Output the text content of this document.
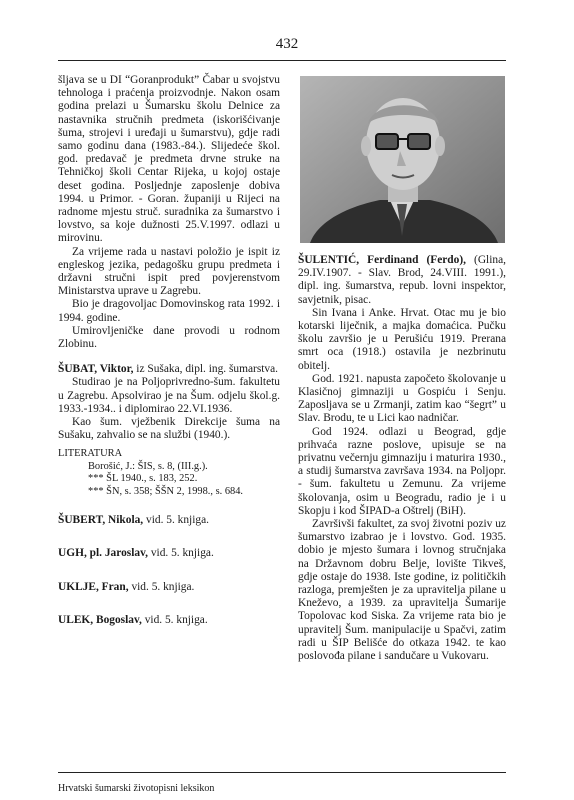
432

šljava se u DI “Goranprodukt” Čabar u svojstvu tehnologa i praćenja proizvodnje. Nakon osam godina prelazi u Šumarsku školu Delnice za nastavnika stručnih predmeta (iskorišćivanje šuma, strojevi i uređaji u šumarstvu), gdje radi samo godinu dana (1983.-84.). Slijedeće škol. god. predavač je predmeta drvne struke na Tehničkoj školi Centar Rijeka, u kojoj ostaje deset godina. Posljednje zaposlenje dobiva 1994. u Primor. - Goran. županiji u Rijeci na radnome mjestu struč. suradnika za šumarstvo i lovstvo, sa koje dužnosti 25.V.1997. odlazi u mirovinu.

Za vrijeme rada u nastavi položio je ispit iz engleskog jezika, pedagošku grupu predmeta i državni stručni ispit pred povjerenstvom Ministarstva uprave u Zagrebu.

Bio je dragovoljac Domovinskog rata 1992. i 1994. godine.

Umirovljeničke dane provodi u rodnom Zlobinu.

ŠUBAT, Viktor, iz Sušaka, dipl. ing. šumarstva.

Studirao je na Poljoprivredno-šum. fakultetu u Zagrebu. Apsolvirao je na Šum. odjelu škol.g. 1933.-1934.. i diplomirao 22.VI.1936.

Kao šum. vježbenik Direkcije šuma na Sušaku, zahvalio se na službi (1940.).

LITERATURA
Borošić, J.: ŠIS, s. 8, (III.g.).
*** ŠL 1940., s. 183, 252.
*** ŠN, s. 358; ŠŠN 2, 1998., s. 684.

ŠUBERT, Nikola, vid. 5. knjiga.

UGH, pl. Jaroslav, vid. 5. knjiga.

UKLJE, Fran, vid. 5. knjiga.

ULEK, Bogoslav, vid. 5. knjiga.

ŠULENTIĆ, Ferdinand (Ferdo), (Glina, 29.IV.1907. - Slav. Brod, 24.VIII. 1991.), dipl. ing. šumarstva, repub. lovni inspektor, savjetnik, pisac.

Sin Ivana i Anke. Hrvat. Otac mu je bio kotarski liječnik, a majka domaćica. Pučku školu završio je u Perušiću 1919. Prerana smrt oca (1918.) ostavila je nezbrinutu obitelj.

God. 1921. napusta započeto školovanje u Klasičnoj gimnaziji u Gospiću i Senju. Zaposljava se u Zrmanji, zatim kao “šegrt” u Slav. Brodu, te u Lici kao nadničar.

God 1924. odlazi u Beograd, gdje prihvaća razne poslove, upisuje se na privatnu večernju gimnaziju i maturira 1930., a studij šumarstva završava 1934. na Poljopr. - šum. fakultetu u Zemunu. Za vrijeme školovanja, osim u Beogradu, radio je i u Skopju i kod ŠIPAD-a Oštrelj (BiH).

Završivši fakultet, za svoj životni poziv uz šumarstvo izabrao je i lovstvo. God. 1935. dobio je mjesto šumara i lovnog stručnjaka na Državnom dobru Belje, lovište Tikveš, gdje ostaje do 1938. Iste godine, iz političkih razloga, premješten je za upravitelja pilane u Kneževo, a 1939. za upravitelja Šumarije Topolovac kod Siska. Za vrijeme rata bio je upravitelj Šum. manipulacije u Spačvi, zatim radi u ŠIP Belišće do otkaza 1942. te kao poslovođa pilane i sandučare u Vukovaru.

Hrvatski šumarski životopisni leksikon
